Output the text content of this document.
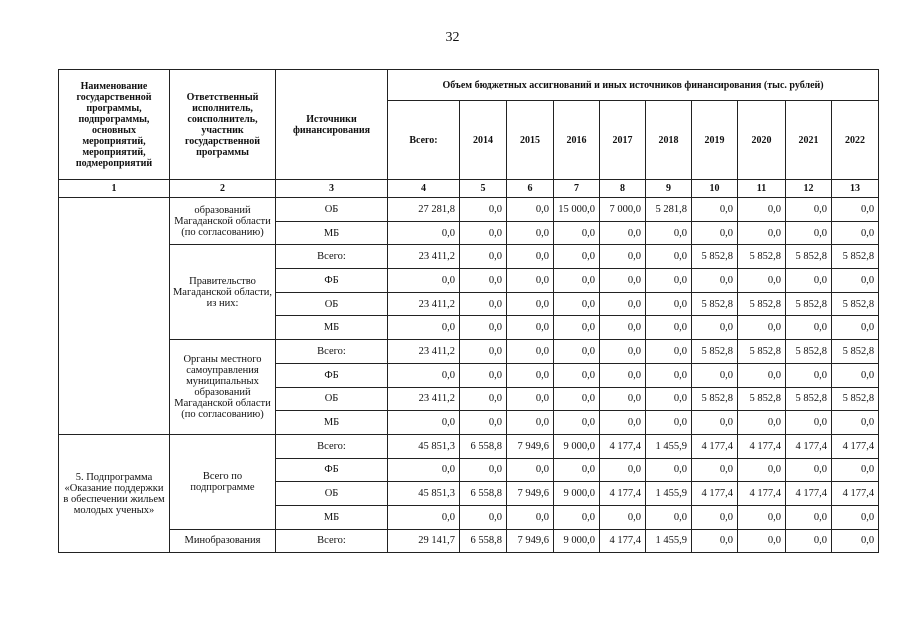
32
Наименование государственной программы, подпрограммы, основных мероприятий, мероприятий, подмероприятий	Ответственный исполнитель, соисполнитель, участник государственной программы	Источники финансирования	Объем бюджетных ассигнований и иных источников финансирования (тыс. рублей)									
			Всего:	2014	2015	2016	2017	2018	2019	2020	2021	2022
1	2	3	4	5	6	7	8	9	10	11	12	13
	образований Магаданской области (по согласованию)	ОБ	27 281,8	0,0	0,0	15 000,0	7 000,0	5 281,8	0,0	0,0	0,0	0,0
		МБ	0,0	0,0	0,0	0,0	0,0	0,0	0,0	0,0	0,0	0,0
	Правительство Магаданской области, из них:	Всего:	23 411,2	0,0	0,0	0,0	0,0	0,0	5 852,8	5 852,8	5 852,8	5 852,8
		ФБ	0,0	0,0	0,0	0,0	0,0	0,0	0,0	0,0	0,0	0,0
		ОБ	23 411,2	0,0	0,0	0,0	0,0	0,0	5 852,8	5 852,8	5 852,8	5 852,8
		МБ	0,0	0,0	0,0	0,0	0,0	0,0	0,0	0,0	0,0	0,0
	Органы местного самоуправления муниципальных образований Магаданской области (по согласованию)	Всего:	23 411,2	0,0	0,0	0,0	0,0	0,0	5 852,8	5 852,8	5 852,8	5 852,8
		ФБ	0,0	0,0	0,0	0,0	0,0	0,0	0,0	0,0	0,0	0,0
		ОБ	23 411,2	0,0	0,0	0,0	0,0	0,0	5 852,8	5 852,8	5 852,8	5 852,8
		МБ	0,0	0,0	0,0	0,0	0,0	0,0	0,0	0,0	0,0	0,0
5. Подпрограмма «Оказание поддержки в обеспечении жильем молодых ученых»	Всего по подпрограмме	Всего:	45 851,3	6 558,8	7 949,6	9 000,0	4 177,4	1 455,9	4 177,4	4 177,4	4 177,4	4 177,4
		ФБ	0,0	0,0	0,0	0,0	0,0	0,0	0,0	0,0	0,0	0,0
		ОБ	45 851,3	6 558,8	7 949,6	9 000,0	4 177,4	1 455,9	4 177,4	4 177,4	4 177,4	4 177,4
		МБ	0,0	0,0	0,0	0,0	0,0	0,0	0,0	0,0	0,0	0,0
	Минобразования	Всего:	29 141,7	6 558,8	7 949,6	9 000,0	4 177,4	1 455,9	0,0	0,0	0,0	0,0
